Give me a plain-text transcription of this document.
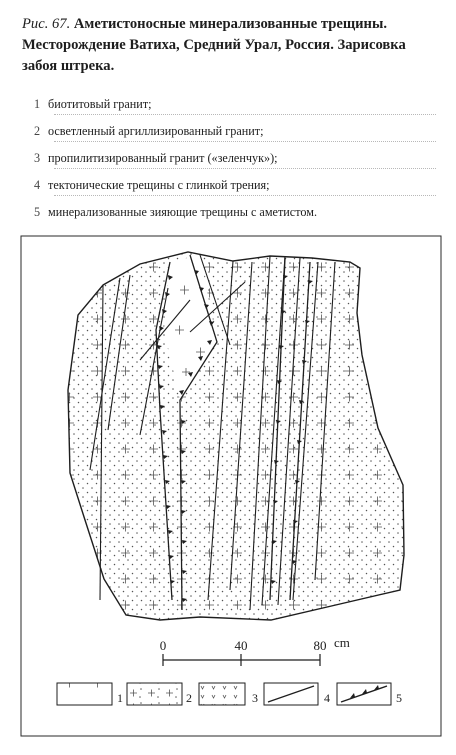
Рис. 67. Аметистоносные минерализованные трещины. Месторождение Ватиха, Средний Урал, Россия. Зарисовка забоя штрека.
1 биотитовый гранит;
2 осветленный аргиллизированный гранит;
3 пропилитизированный гранит («зеленчук»);
4 тектонические трещины с глинкой трения;
5 минерализованные зияющие трещины с аметистом.
0	40	80 cm
1	2	3	4	5
